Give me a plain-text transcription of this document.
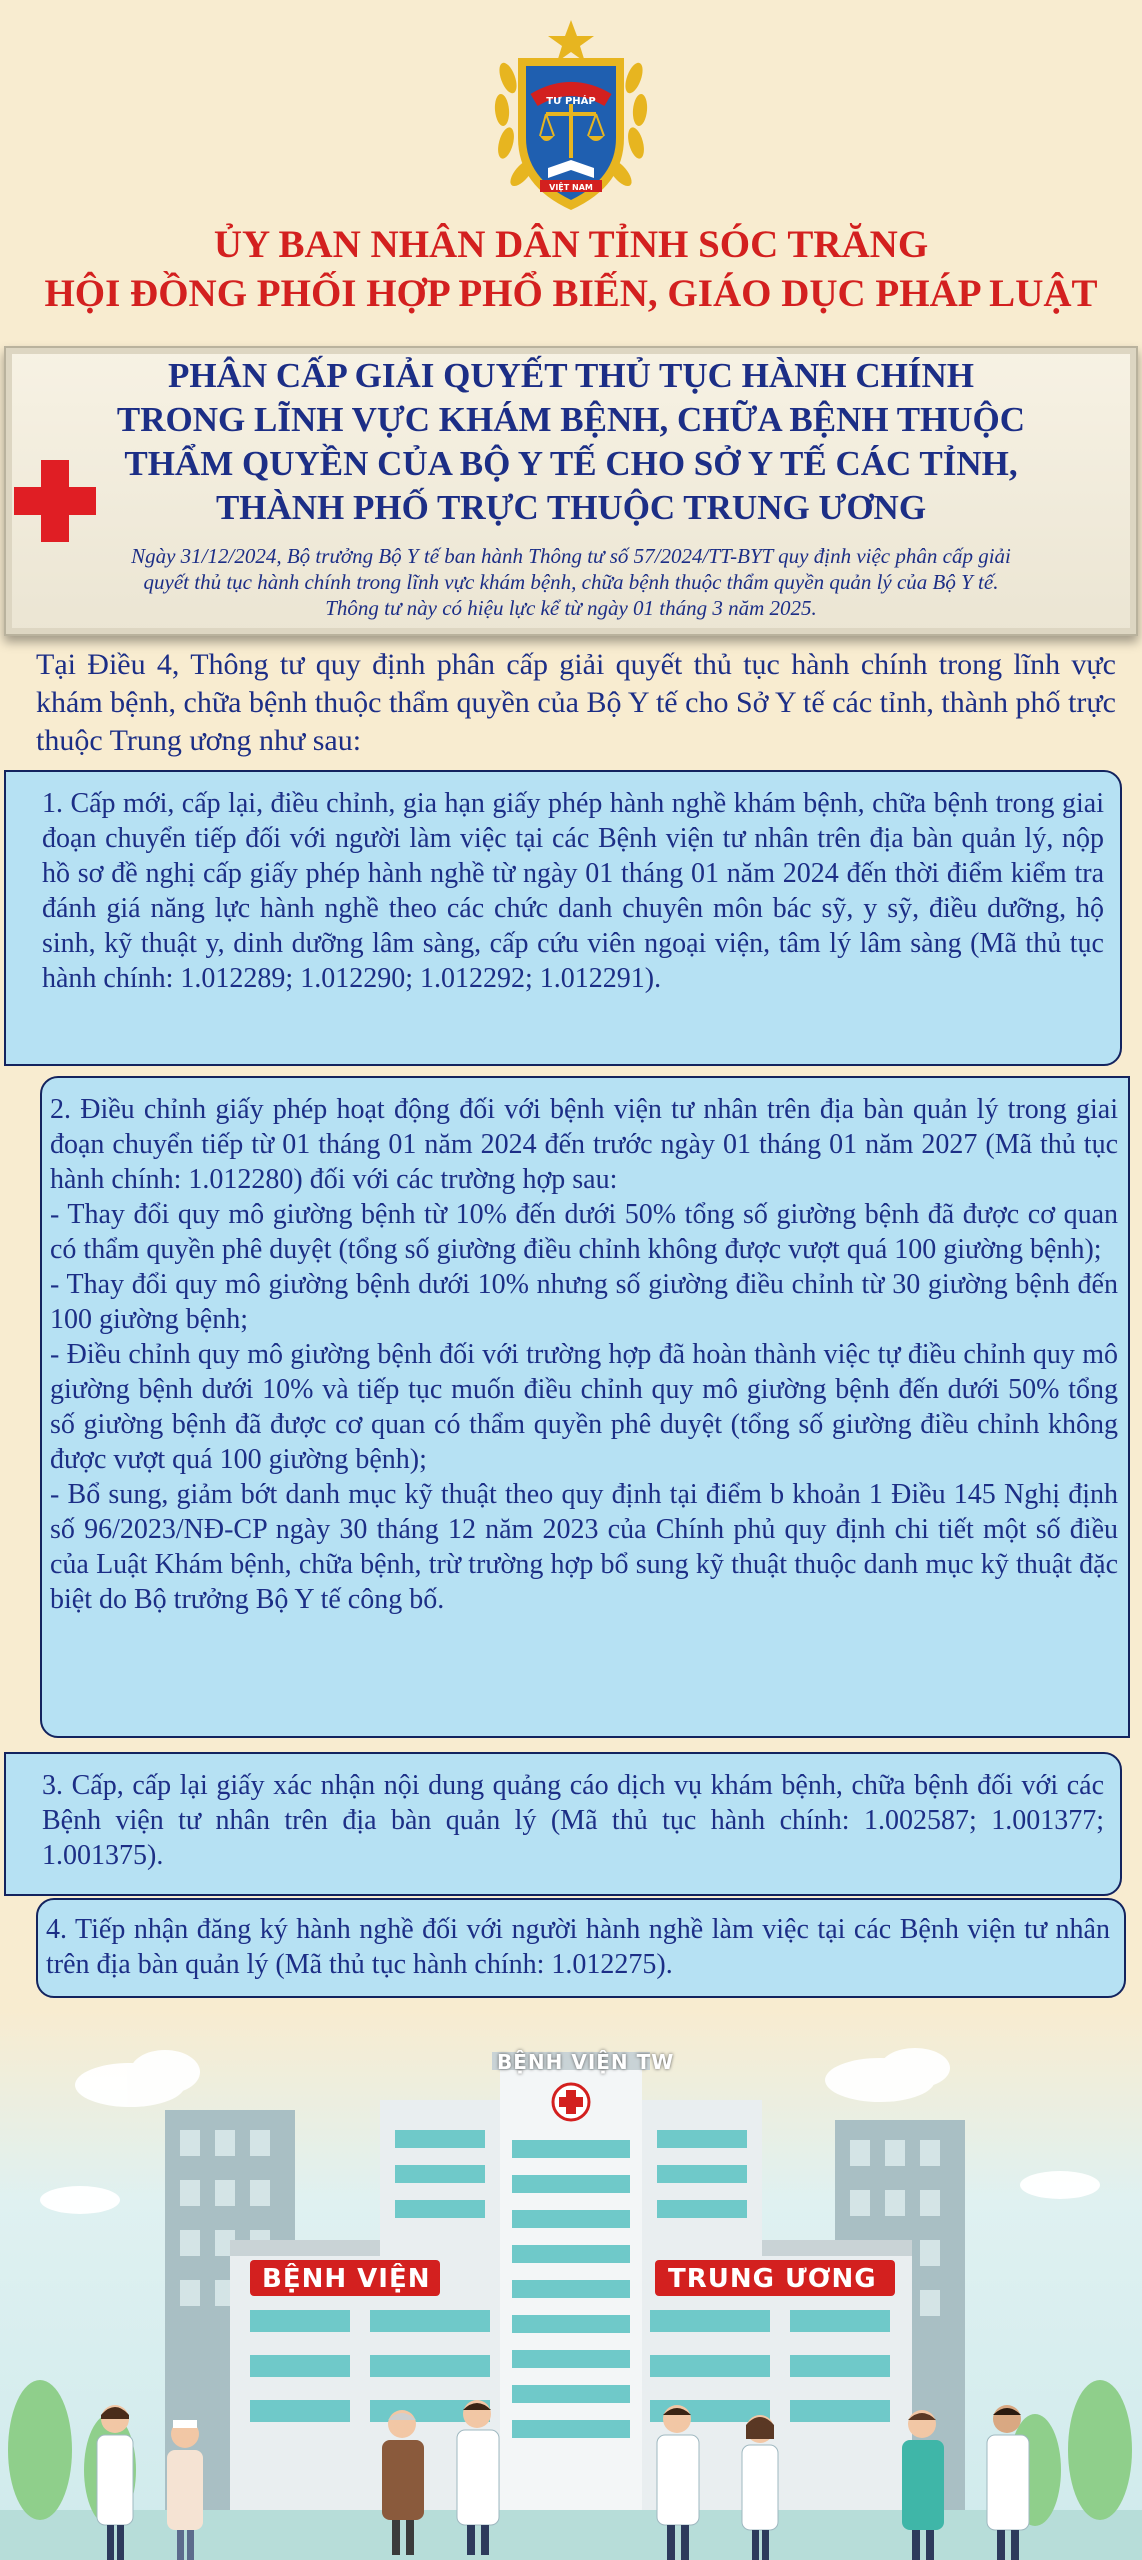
TƯ PHÁP
VIỆT NAM
ỦY BAN NHÂN DÂN TỈNH SÓC TRĂNG
HỘI ĐỒNG PHỐI HỢP PHỔ BIẾN, GIÁO DỤC PHÁP LUẬT
PHÂN CẤP GIẢI QUYẾT THỦ TỤC HÀNH CHÍNH
TRONG LĨNH VỰC KHÁM BỆNH, CHỮA BỆNH THUỘC
THẨM QUYỀN CỦA BỘ Y TẾ CHO SỞ Y TẾ CÁC TỈNH,
THÀNH PHỐ TRỰC THUỘC TRUNG ƯƠNG
Ngày 31/12/2024, Bộ trưởng Bộ Y tế ban hành Thông tư số 57/2024/TT-BYT quy định việc phân cấp giải
quyết thủ tục hành chính trong lĩnh vực khám bệnh, chữa bệnh thuộc thẩm quyền quản lý của Bộ Y tế.
Thông tư này có hiệu lực kể từ ngày 01 tháng 3 năm 2025.
Tại Điều 4, Thông tư quy định phân cấp giải quyết thủ tục hành chính trong lĩnh vực khám bệnh, chữa bệnh thuộc thẩm quyền của Bộ Y tế cho Sở Y tế các tỉnh, thành phố trực thuộc Trung ương như sau:

1. Cấp mới, cấp lại, điều chỉnh, gia hạn giấy phép hành nghề khám bệnh, chữa bệnh trong giai đoạn chuyển tiếp đối với người làm việc tại các Bệnh viện tư nhân trên địa bàn quản lý, nộp hồ sơ đề nghị cấp giấy phép hành nghề từ ngày 01 tháng 01 năm 2024 đến thời điểm kiểm tra đánh giá năng lực hành nghề theo các chức danh chuyên môn bác sỹ, y sỹ, điều dưỡng, hộ sinh, kỹ thuật y, dinh dưỡng lâm sàng, cấp cứu viên ngoại viện, tâm lý lâm sàng (Mã thủ tục hành chính: 1.012289; 1.012290; 1.012292; 1.012291).

2. Điều chỉnh giấy phép hoạt động đối với bệnh viện tư nhân trên địa bàn quản lý trong giai đoạn chuyển tiếp từ 01 tháng 01 năm 2024 đến trước ngày 01 tháng 01 năm 2027 (Mã thủ tục hành chính: 1.012280) đối với các trường hợp sau:

- Thay đổi quy mô giường bệnh từ 10% đến dưới 50% tổng số giường bệnh đã được cơ quan có thẩm quyền phê duyệt (tổng số giường điều chỉnh không được vượt quá 100 giường bệnh);

- Thay đổi quy mô giường bệnh dưới 10% nhưng số giường điều chỉnh từ 30 giường bệnh đến 100 giường bệnh;

- Điều chỉnh quy mô giường bệnh đối với trường hợp đã hoàn thành việc tự điều chỉnh quy mô giường bệnh dưới 10% và tiếp tục muốn điều chỉnh quy mô giường bệnh đến dưới 50% tổng số giường bệnh đã được cơ quan có thẩm quyền phê duyệt (tổng số giường điều chỉnh không được vượt quá 100 giường bệnh);

- Bổ sung, giảm bớt danh mục kỹ thuật theo quy định tại điểm b khoản 1 Điều 145 Nghị định số 96/2023/NĐ-CP ngày 30 tháng 12 năm 2023 của Chính phủ quy định chi tiết một số điều của Luật Khám bệnh, chữa bệnh, trừ trường hợp bổ sung kỹ thuật thuộc danh mục kỹ thuật đặc biệt do Bộ trưởng Bộ Y tế công bố.

3. Cấp, cấp lại giấy xác nhận nội dung quảng cáo dịch vụ khám bệnh, chữa bệnh đối với các Bệnh viện tư nhân trên địa bàn quản lý (Mã thủ tục hành chính: 1.002587; 1.001377; 1.001375).

4. Tiếp nhận đăng ký hành nghề đối với người hành nghề làm việc tại các Bệnh viện tư nhân trên địa bàn quản lý (Mã thủ tục hành chính: 1.012275).

BỆNH VIỆN TW
BỆNH VIỆN	TRUNG ƯƠNG
